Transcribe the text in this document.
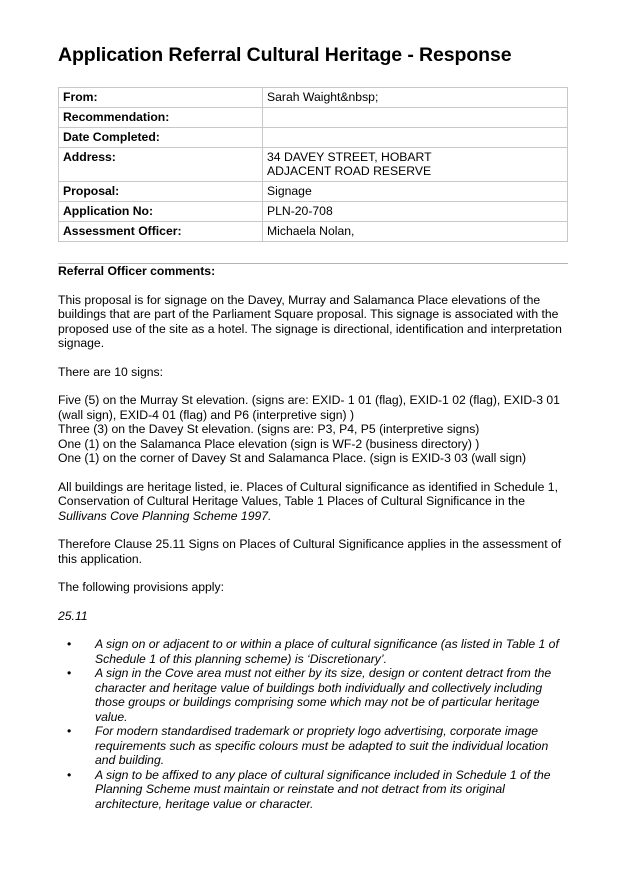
Application Referral Cultural Heritage - Response
From:	Sarah Waight&nbsp;
Recommendation:	
Date Completed:	
Address:	34 DAVEY STREET, HOBART
ADJACENT ROAD RESERVE

Proposal:	Signage
Application No:	PLN-20-708
Assessment Officer:	Michaela Nolan,

Referral Officer comments:

This proposal is for signage on the Davey, Murray and Salamanca Place elevations of the buildings that are part of the Parliament Square proposal. This signage is associated with the proposed use of the site as a hotel. The signage is directional, identification and interpretation signage.

There are 10 signs:

Five (5) on the Murray St elevation. (signs are: EXID- 1 01 (flag), EXID-1 02 (flag), EXID-3 01 (wall sign), EXID-4 01 (flag) and P6 (interpretive sign) )

Three (3) on the Davey St elevation. (signs are: P3, P4, P5 (interpretive signs)

One (1) on the Salamanca Place elevation (sign is WF-2 (business directory) )

One (1) on the corner of Davey St and Salamanca Place. (sign is EXID-3 03 (wall sign)

All buildings are heritage listed, ie. Places of Cultural significance as identified in Schedule 1, Conservation of Cultural Heritage Values, Table 1 Places of Cultural Significance in the Sullivans Cove Planning Scheme 1997.

Therefore Clause 25.11 Signs on Places of Cultural Significance applies in the assessment of this application.

The following provisions apply:

25.11

• A sign on or adjacent to or within a place of cultural significance (as listed in Table 1 of Schedule 1 of this planning scheme) is ‘Discretionary’.
• A sign in the Cove area must not either by its size, design or content detract from the character and heritage value of buildings both individually and collectively including those groups or buildings comprising some which may not be of particular heritage value.
• For modern standardised trademark or propriety logo advertising, corporate image requirements such as specific colours must be adapted to suit the individual location and building.
• A sign to be affixed to any place of cultural significance included in Schedule 1 of the Planning Scheme must maintain or reinstate and not detract from its original architecture, heritage value or character.
